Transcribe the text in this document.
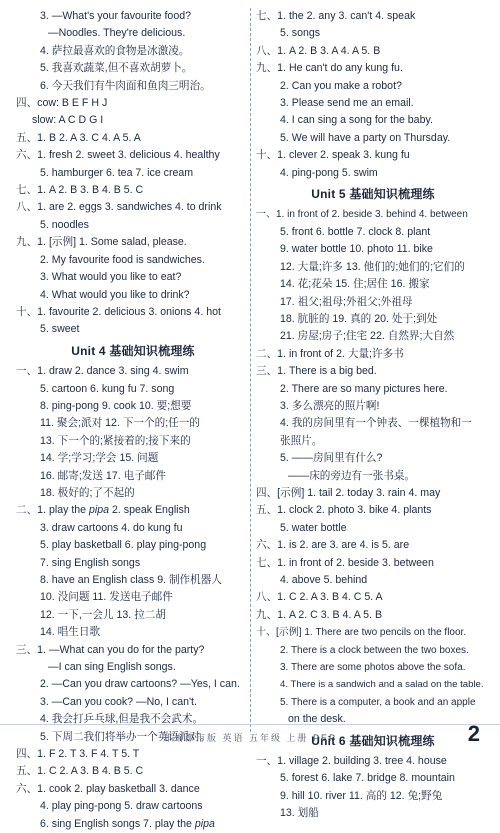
3. —What's your favourite food?
—Noodles. They're delicious.
4. 萨拉最喜欢的食物是冰激凌。
5. 我喜欢蔬菜,但不喜欢胡萝卜。
6. 今天我们有牛肉面和鱼肉三明治。
四、cow: B E F H J
slow: A C D G I
五、1. B 2. A 3. C 4. A 5. A
六、1. fresh 2. sweet 3. delicious 4. healthy
5. hamburger 6. tea 7. ice cream
七、1. A 2. B 3. B 4. B 5. C
八、1. are 2. eggs 3. sandwiches 4. to drink
5. noodles
九、1. [示例] 1. Some salad, please.
2. My favourite food is sandwiches.
3. What would you like to eat?
4. What would you like to drink?
十、1. favourite 2. delicious 3. onions 4. hot
5. sweet
Unit 4 基础知识梳理练
一、1. draw 2. dance 3. sing 4. swim
5. cartoon 6. kung fu 7. song
8. ping-pong 9. cook 10. 要;想要
11. 聚会;派对 12. 下一个的;任一的
13. 下一个的;紧接着的;接下来的
14. 学;学习;学会 15. 问题
16. 邮寄;发送 17. 电子邮件
18. 极好的;了不起的
二、1. play the pipa 2. speak English
3. draw cartoons 4. do kung fu
5. play basketball 6. play ping-pong
7. sing English songs
8. have an English class 9. 制作机器人
10. 没问题 11. 发送电子邮件
12. 一下,一会儿 13. 拉二胡
14. 唱生日歌
三、1. —What can you do for the party?
—I can sing English songs.
2. —Can you draw cartoons? —Yes, I can.
3. —Can you cook? —No, I can't.
4. 我会打乒乓球,但是我不会武术。
5. 下周二我们将举办一个英语派对。
四、1. F 2. T 3. F 4. T 5. T
五、1. C 2. A 3. B 4. B 5. C
六、1. cook 2. play basketball 3. dance
4. play ping-pong 5. draw cartoons
6. sing English songs 7. play the pipa
七、1. the 2. any 3. can't 4. speak
5. songs
八、1. A 2. B 3. A 4. A 5. B
九、1. He can't do any kung fu.
2. Can you make a robot?
3. Please send me an email.
4. I can sing a song for the baby.
5. We will have a party on Thursday.
十、1. clever 2. speak 3. kung fu
4. ping-pong 5. swim
Unit 5 基础知识梳理练
一、1. in front of 2. beside 3. behind 4. between
5. front 6. bottle 7. clock 8. plant
9. water bottle 10. photo 11. bike
12. 大量;许多 13. 他们的;她们的;它们的
14. 花;花朵 15. 住;居住 16. 搬家
17. 祖父;祖母;外祖父;外祖母
18. 肮脏的 19. 真的 20. 处于;到处
21. 房屋;房子;住宅 22. 自然界;大自然
二、1. in front of 2. 大量;许多书
三、1. There is a big bed.
2. There are so many pictures here.
3. 多么漂亮的照片啊!
4. 我的房间里有一个钟表、一棵植物和一
张照片。
5. ——房间里有什么?
——床的旁边有一张书桌。
四、[示例] 1. tail 2. today 3. rain 4. may
五、1. clock 2. photo 3. bike 4. plants
5. water bottle
六、1. is 2. are 3. are 4. is 5. are
七、1. in front of 2. beside 3. between
4. above 5. behind
八、1. C 2. A 3. B 4. C 5. A
九、1. A 2. C 3. B 4. A 5. B
十、[示例] 1. There are two pencils on the floor.
2. There is a clock between the two boxes.
3. There are some photos above the sofa.
4. There is a sandwich and a salad on the table.
5. There is a computer, a book and an apple
on the desk.
Unit 6 基础知识梳理练
一、1. village 2. building 3. tree 4. house
5. forest 6. lake 7. bridge 8. mountain
9. hill 10. river 11. 高的 12. 兔;野兔
13. 划船
郑州都市版 英语 五年级 上册 PEP	2
